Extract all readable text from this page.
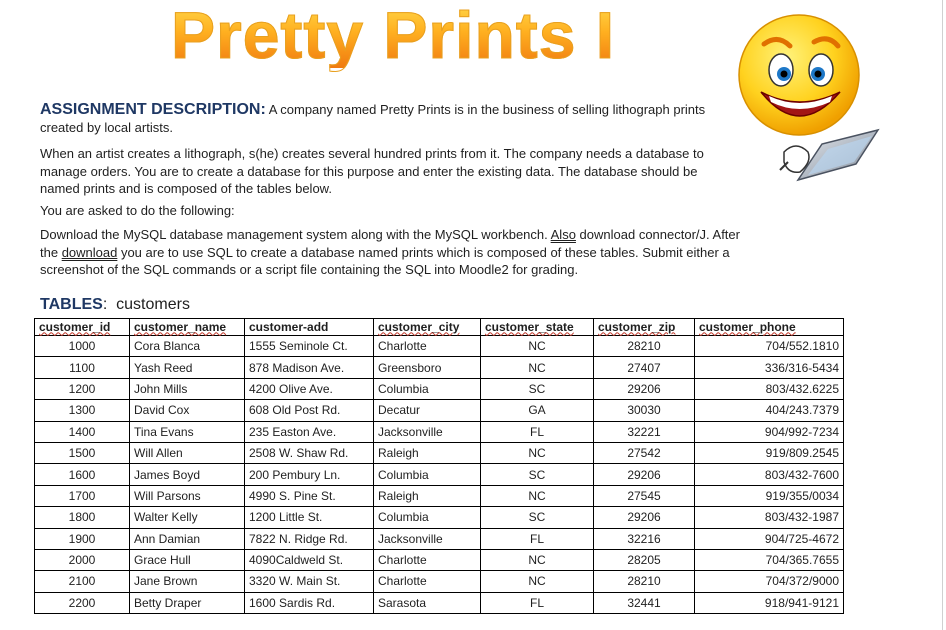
Pretty Prints I
ASSIGNMENT DESCRIPTION: A company named Pretty Prints is in the business of selling lithograph prints created by local artists.
When an artist creates a lithograph, s(he) creates several hundred prints from it. The company needs a database to manage orders. You are to create a database for this purpose and enter the existing data. The database should be named prints and is composed of the tables below.
You are asked to do the following:
Download the MySQL database management system along with the MySQL workbench. Also download connector/J. After the download you are to use SQL to create a database named prints which is composed of these tables. Submit either a screenshot of the SQL commands or a script file containing the SQL into Moodle2 for grading.
TABLES: customers
customer_id	customer_name	customer-add	customer_city	customer_state	customer_zip	customer_phone
1000	Cora Blanca	1555 Seminole Ct.	Charlotte	NC	28210	704/552.1810
1100	Yash Reed	878 Madison Ave.	Greensboro	NC	27407	336/316-5434
1200	John Mills	4200 Olive Ave.	Columbia	SC	29206	803/432.6225
1300	David Cox	608 Old Post Rd.	Decatur	GA	30030	404/243.7379
1400	Tina Evans	235 Easton Ave.	Jacksonville	FL	32221	904/992-7234
1500	Will Allen	2508 W. Shaw Rd.	Raleigh	NC	27542	919/809.2545
1600	James Boyd	200 Pembury Ln.	Columbia	SC	29206	803/432-7600
1700	Will Parsons	4990 S. Pine St.	Raleigh	NC	27545	919/355/0034
1800	Walter Kelly	1200 Little St.	Columbia	SC	29206	803/432-1987
1900	Ann Damian	7822 N. Ridge Rd.	Jacksonville	FL	32216	904/725-4672
2000	Grace Hull	4090Caldweld St.	Charlotte	NC	28205	704/365.7655
2100	Jane Brown	3320 W. Main St.	Charlotte	NC	28210	704/372/9000
2200	Betty Draper	1600 Sardis Rd.	Sarasota	FL	32441	918/941-9121
